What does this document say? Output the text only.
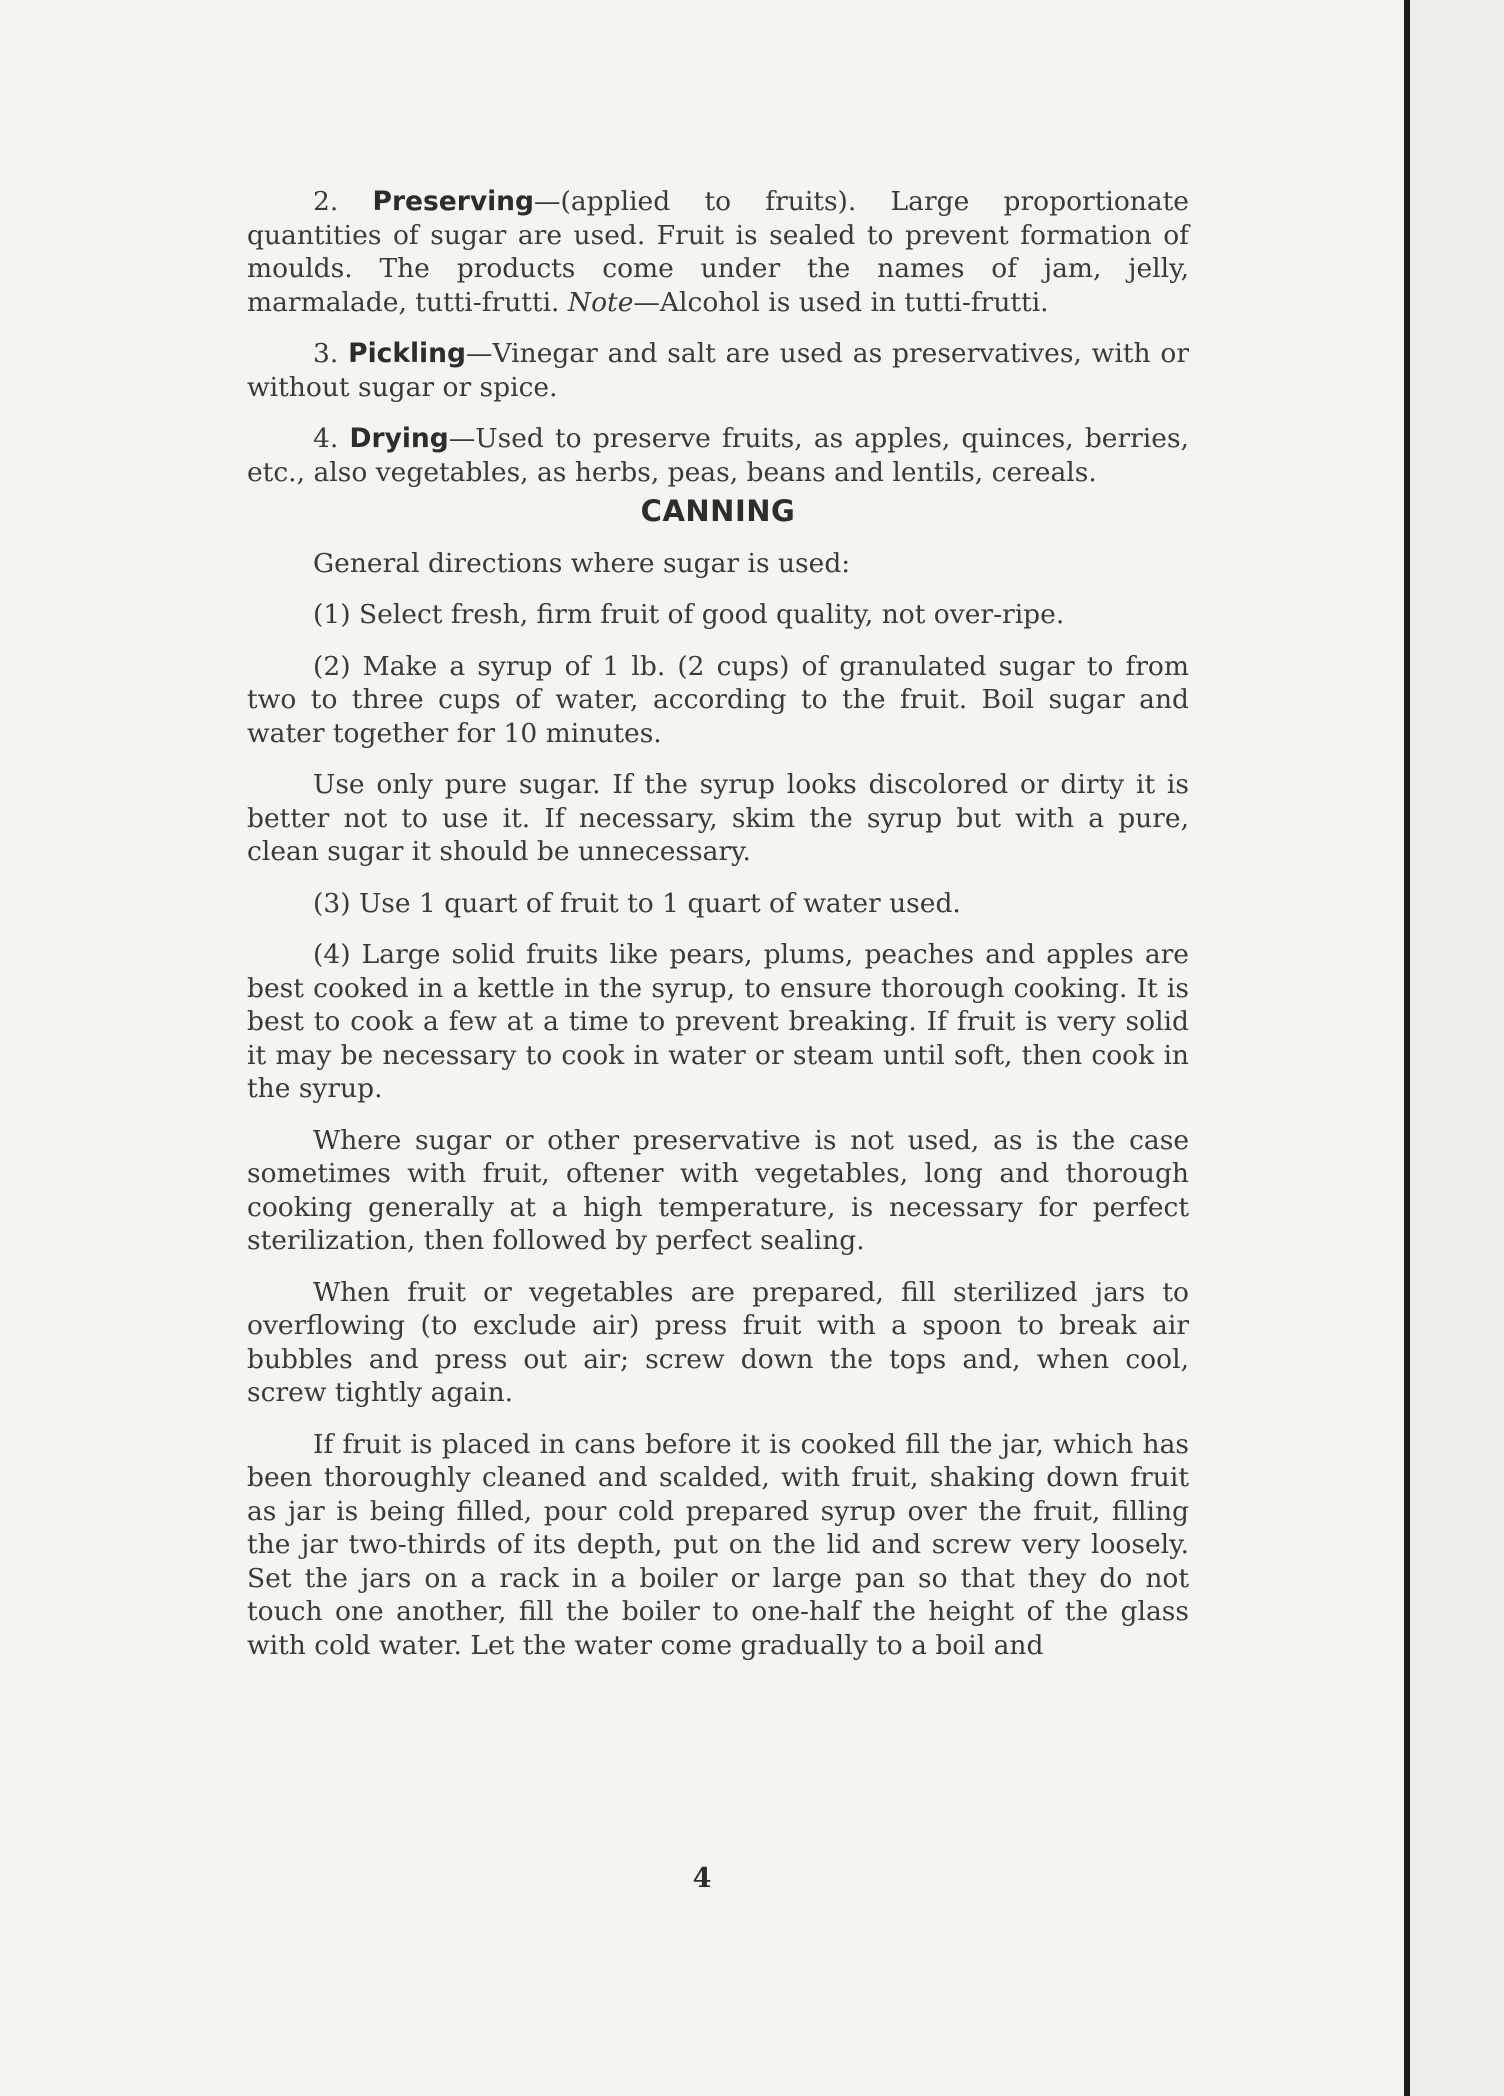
2. Preserving—(applied to fruits). Large proportionate quantities of sugar are used. Fruit is sealed to prevent formation of moulds. The products come under the names of jam, jelly, marmalade, tutti-frutti. Note—Alcohol is used in tutti-frutti.

3. Pickling—Vinegar and salt are used as preservatives, with or without sugar or spice.

4. Drying—Used to preserve fruits, as apples, quinces, berries, etc., also vegetables, as herbs, peas, beans and lentils, cereals.

CANNING

General directions where sugar is used:

(1) Select fresh, firm fruit of good quality, not over-ripe.

(2) Make a syrup of 1 lb. (2 cups) of granulated sugar to from two to three cups of water, according to the fruit. Boil sugar and water together for 10 minutes.

Use only pure sugar. If the syrup looks discolored or dirty it is better not to use it. If necessary, skim the syrup but with a pure, clean sugar it should be unnecessary.

(3) Use 1 quart of fruit to 1 quart of water used.

(4) Large solid fruits like pears, plums, peaches and apples are best cooked in a kettle in the syrup, to ensure thorough cooking. It is best to cook a few at a time to prevent breaking. If fruit is very solid it may be necessary to cook in water or steam until soft, then cook in the syrup.

Where sugar or other preservative is not used, as is the case sometimes with fruit, oftener with vegetables, long and thorough cooking generally at a high temperature, is necessary for perfect sterilization, then followed by perfect sealing.

When fruit or vegetables are prepared, fill sterilized jars to overflowing (to exclude air) press fruit with a spoon to break air bubbles and press out air; screw down the tops and, when cool, screw tightly again.

If fruit is placed in cans before it is cooked fill the jar, which has been thoroughly cleaned and scalded, with fruit, shaking down fruit as jar is being filled, pour cold prepared syrup over the fruit, filling the jar two-thirds of its depth, put on the lid and screw very loosely. Set the jars on a rack in a boiler or large pan so that they do not touch one another, fill the boiler to one-half the height of the glass with cold water. Let the water come gradually to a boil and

4
